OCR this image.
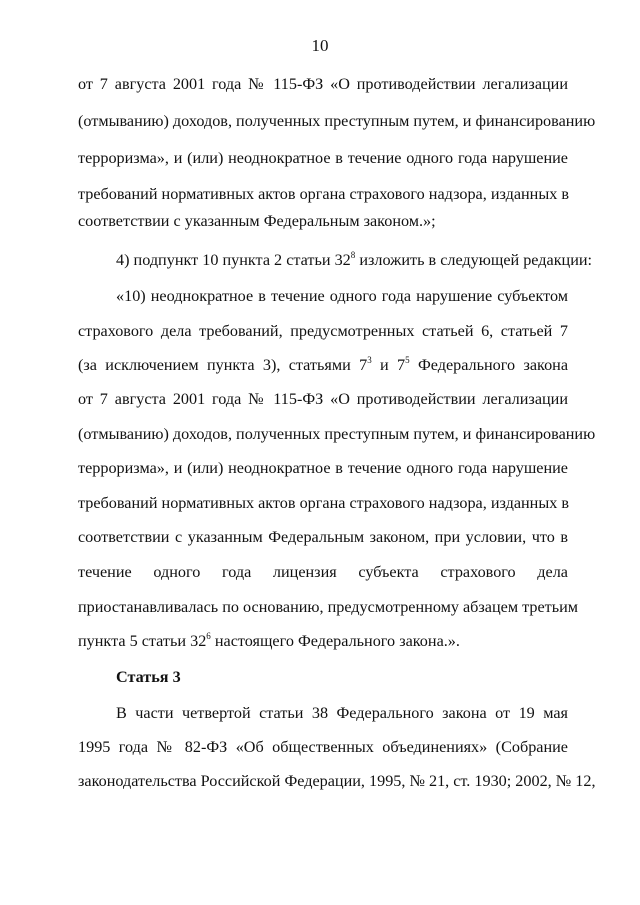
10
от 7 августа 2001 года № 115-ФЗ «О противодействии легализации
(отмыванию) доходов, полученных преступным путем, и финансированию
терроризма», и (или) неоднократное в течение одного года нарушение
требований нормативных актов органа страхового надзора, изданных в
соответствии с указанным Федеральным законом.»;
4) подпункт 10 пункта 2 статьи $32^8$ изложить в следующей редакции:
«10) неоднократное в течение одного года нарушение субъектом
страхового дела требований, предусмотренных статьей 6, статьей 7
(за исключением пункта 3), статьями $7^3$ и $7^5$ Федерального закона
от 7 августа 2001 года № 115-ФЗ «О противодействии легализации
(отмыванию) доходов, полученных преступным путем, и финансированию
терроризма», и (или) неоднократное в течение одного года нарушение
требований нормативных актов органа страхового надзора, изданных в
соответствии с указанным Федеральным законом, при условии, что в
течение одного года лицензия субъекта страхового дела
приостанавливалась по основанию, предусмотренному абзацем третьим
пункта 5 статьи $32^6$ настоящего Федерального закона.».
Статья 3
В части четвертой статьи 38 Федерального закона от 19 мая
1995 года № 82-ФЗ «Об общественных объединениях» (Собрание
законодательства Российской Федерации, 1995, № 21, ст. 1930; 2002, № 12,
